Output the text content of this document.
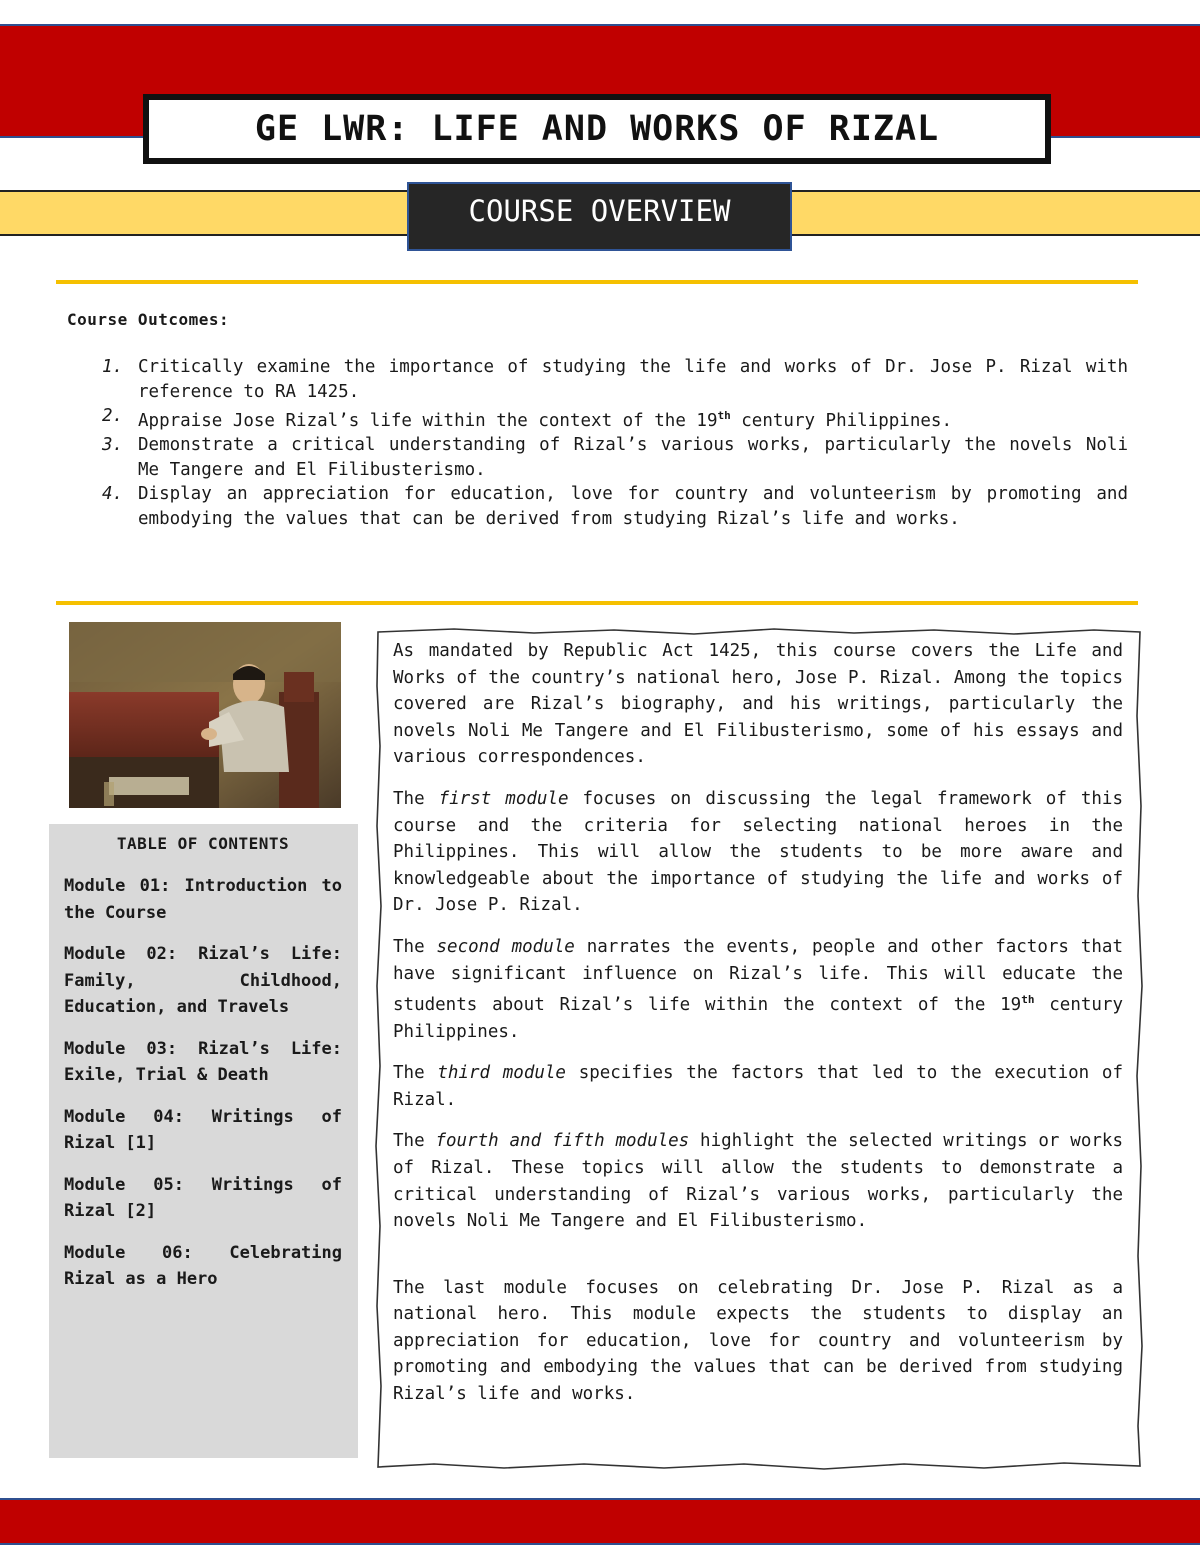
GE LWR: LIFE AND WORKS OF RIZAL
COURSE OVERVIEW
Course Outcomes:
1. Critically examine the importance of studying the life and works of Dr. Jose P. Rizal with reference to RA 1425.
2. Appraise Jose Rizal’s life within the context of the 19th century Philippines.
3. Demonstrate a critical understanding of Rizal’s various works, particularly the novels Noli Me Tangere and El Filibusterismo.
4. Display an appreciation for education, love for country and volunteerism by promoting and embodying the values that can be derived from studying Rizal’s life and works.
TABLE OF CONTENTS
Module 01: Introduction to the Course
Module 02: Rizal’s Life: Family, Childhood, Education, and Travels
Module 03: Rizal’s Life: Exile, Trial & Death
Module 04: Writings of Rizal [1]
Module 05: Writings of Rizal [2]
Module 06: Celebrating Rizal as a Hero

As mandated by Republic Act 1425, this course covers the Life and Works of the country’s national hero, Jose P. Rizal. Among the topics covered are Rizal’s biography, and his writings, particularly the novels Noli Me Tangere and El Filibusterismo, some of his essays and various correspondences.

The first module focuses on discussing the legal framework of this course and the criteria for selecting national heroes in the Philippines. This will allow the students to be more aware and knowledgeable about the importance of studying the life and works of Dr. Jose P. Rizal.

The second module narrates the events, people and other factors that have significant influence on Rizal’s life. This will educate the students about Rizal’s life within the context of the 19th century Philippines.

The third module specifies the factors that led to the execution of Rizal.

The fourth and fifth modules highlight the selected writings or works of Rizal. These topics will allow the students to demonstrate a critical understanding of Rizal’s various works, particularly the novels Noli Me Tangere and El Filibusterismo.

The last module focuses on celebrating Dr. Jose P. Rizal as a national hero. This module expects the students to display an appreciation for education, love for country and volunteerism by promoting and embodying the values that can be derived from studying Rizal’s life and works.
